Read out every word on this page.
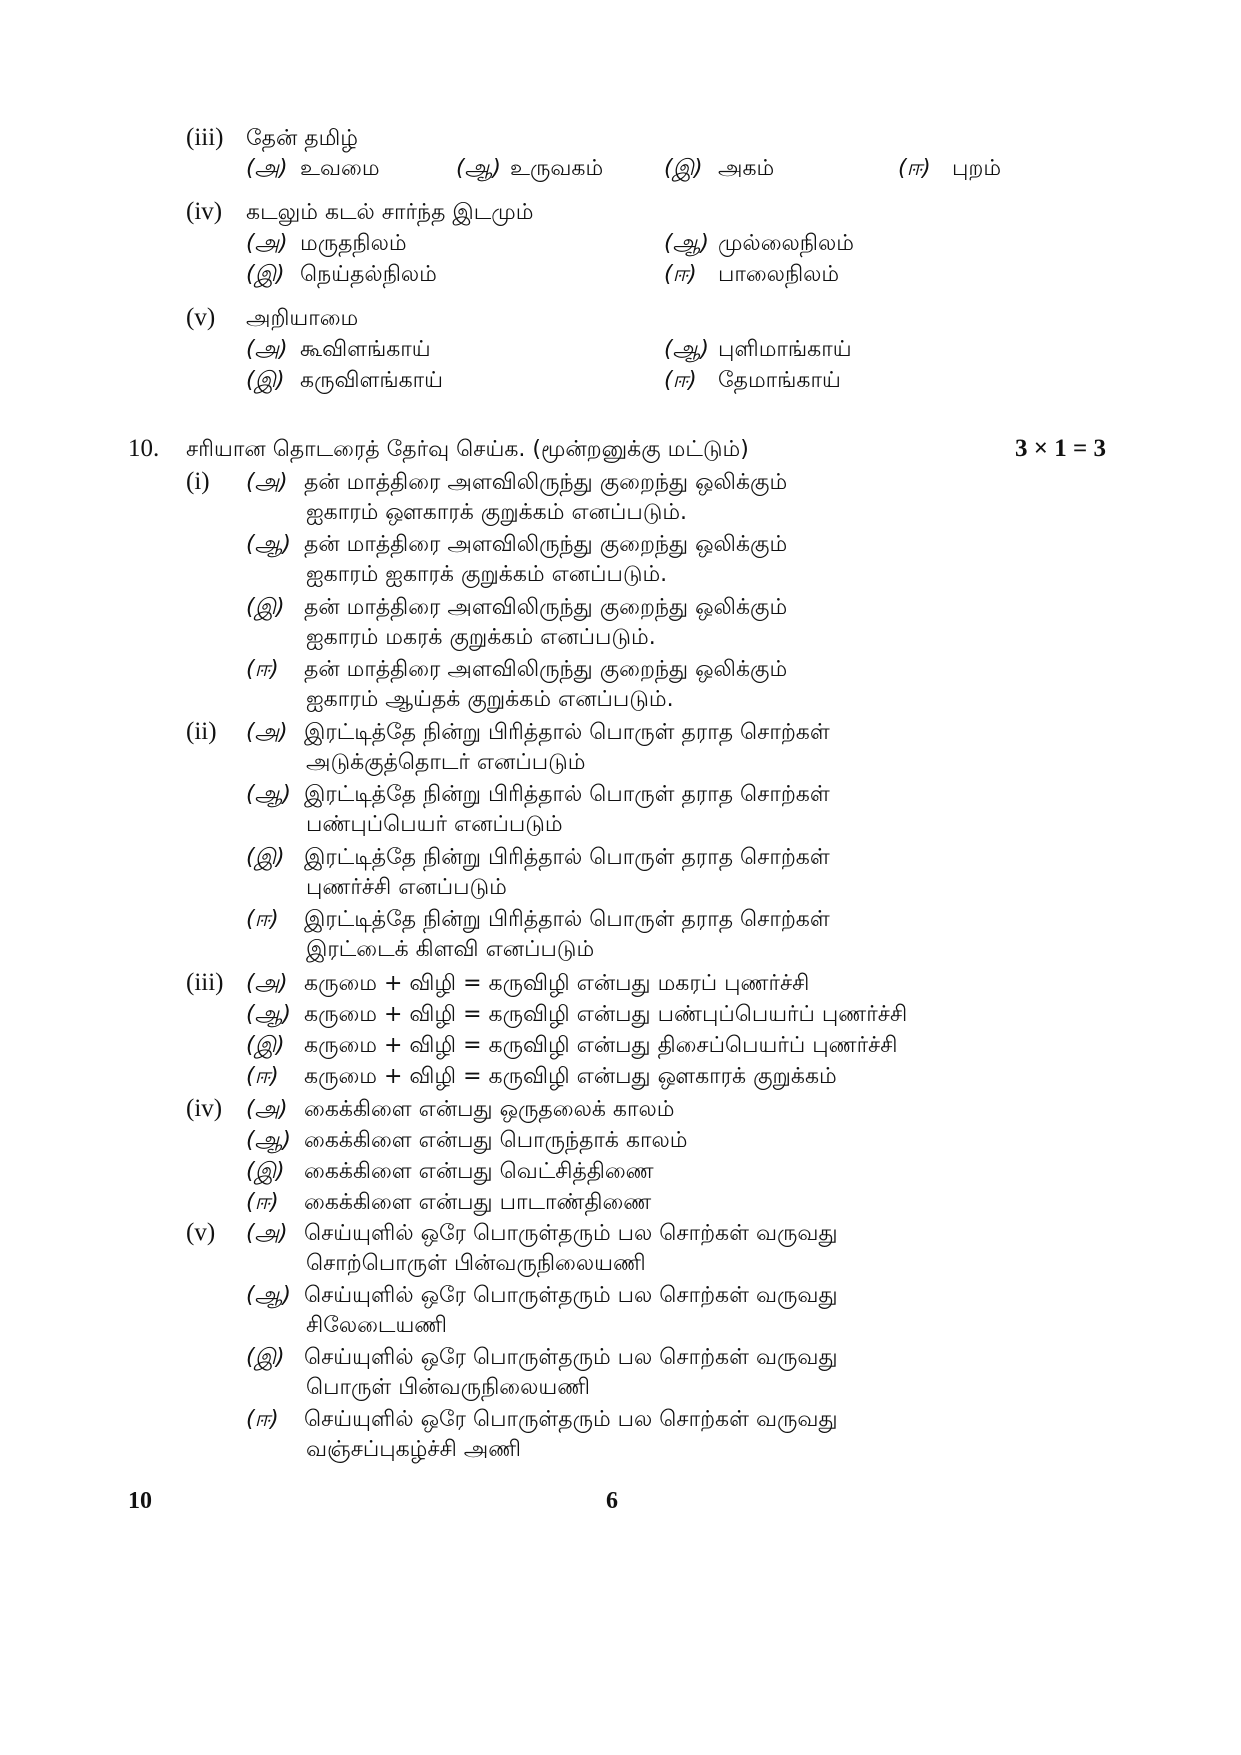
(iii) தேன் தமிழ்
(அ) உவமை	(ஆ) உருவகம்	(இ) அகம்	(ஈ) புறம்
(iv) கடலும் கடல் சார்ந்த இடமும்
(அ) மருதநிலம்	(ஆ) முல்லைநிலம்
(இ) நெய்தல்நிலம்	(ஈ) பாலைநிலம்
(v) அறியாமை
(அ) கூவிளங்காய்	(ஆ) புளிமாங்காய்
(இ) கருவிளங்காய்	(ஈ) தேமாங்காய்
10. சரியான தொடரைத் தேர்வு செய்க. (மூன்றனுக்கு மட்டும்)	3 × 1 = 3
(i) (அ) தன் மாத்திரை அளவிலிருந்து குறைந்து ஒலிக்கும்
ஐகாரம் ஔகாரக் குறுக்கம் எனப்படும்.
(ஆ) தன் மாத்திரை அளவிலிருந்து குறைந்து ஒலிக்கும்
ஐகாரம் ஐகாரக் குறுக்கம் எனப்படும்.
(இ) தன் மாத்திரை அளவிலிருந்து குறைந்து ஒலிக்கும்
ஐகாரம் மகரக் குறுக்கம் எனப்படும்.
(ஈ) தன் மாத்திரை அளவிலிருந்து குறைந்து ஒலிக்கும்
ஐகாரம் ஆய்தக் குறுக்கம் எனப்படும்.
(ii) (அ) இரட்டித்தே நின்று பிரித்தால் பொருள் தராத சொற்கள்
அடுக்குத்தொடர் எனப்படும்
(ஆ) இரட்டித்தே நின்று பிரித்தால் பொருள் தராத சொற்கள்
பண்புப்பெயர் எனப்படும்
(இ) இரட்டித்தே நின்று பிரித்தால் பொருள் தராத சொற்கள்
புணர்ச்சி எனப்படும்
(ஈ) இரட்டித்தே நின்று பிரித்தால் பொருள் தராத சொற்கள்
இரட்டைக் கிளவி எனப்படும்
(iii) (அ) கருமை + விழி = கருவிழி என்பது மகரப் புணர்ச்சி
(ஆ) கருமை + விழி = கருவிழி என்பது பண்புப்பெயர்ப் புணர்ச்சி
(இ) கருமை + விழி = கருவிழி என்பது திசைப்பெயர்ப் புணர்ச்சி
(ஈ) கருமை + விழி = கருவிழி என்பது ஔகாரக் குறுக்கம்
(iv) (அ) கைக்கிளை என்பது ஒருதலைக் காலம்
(ஆ) கைக்கிளை என்பது பொருந்தாக் காலம்
(இ) கைக்கிளை என்பது வெட்சித்திணை
(ஈ) கைக்கிளை என்பது பாடாண்திணை
(v) (அ) செய்யுளில் ஒரே பொருள்தரும் பல சொற்கள் வருவது
சொற்பொருள் பின்வருநிலையணி
(ஆ) செய்யுளில் ஒரே பொருள்தரும் பல சொற்கள் வருவது
சிலேடையணி
(இ) செய்யுளில் ஒரே பொருள்தரும் பல சொற்கள் வருவது
பொருள் பின்வருநிலையணி
(ஈ) செய்யுளில் ஒரே பொருள்தரும் பல சொற்கள் வருவது
வஞ்சப்புகழ்ச்சி அணி
10	6
